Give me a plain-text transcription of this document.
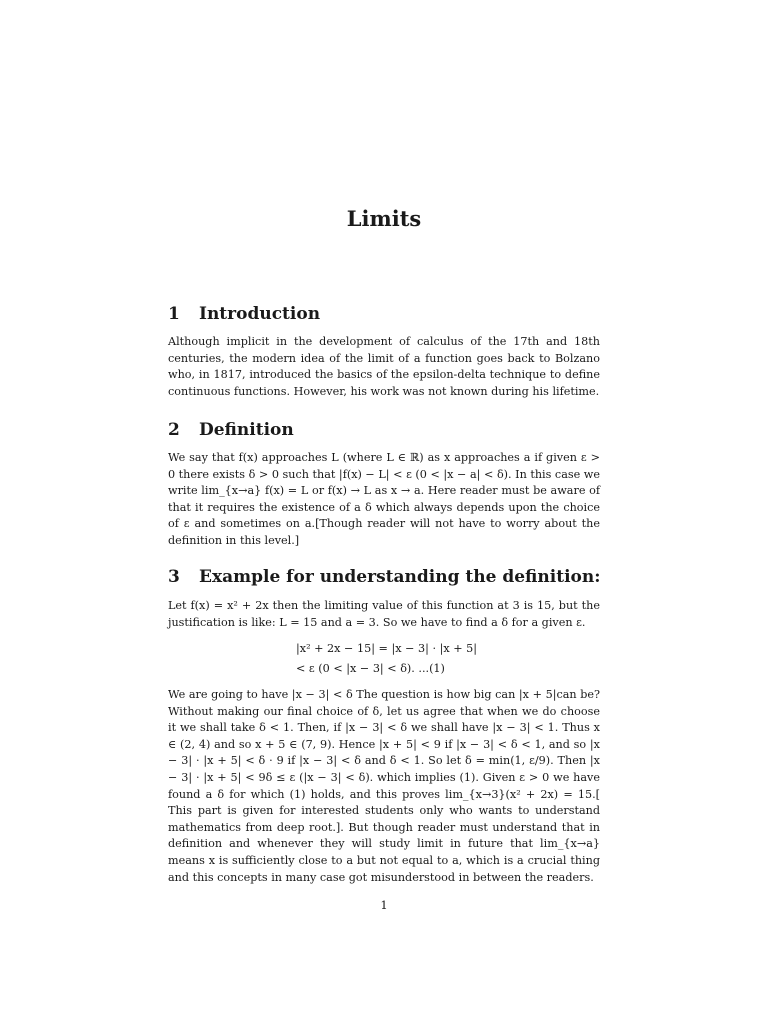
Limits
1 Introduction
Although implicit in the development of calculus of the 17th and 18th centuries, the modern idea of the limit of a function goes back to Bolzano who, in 1817, introduced the basics of the epsilon-delta technique to define continuous functions. However, his work was not known during his lifetime.
2 Definition
We say that f(x) approaches L (where L ∈ ℝ) as x approaches a if given ε > 0 there exists δ > 0 such that |f(x) − L| < ε (0 < |x − a| < δ). In this case we write lim_{x→a} f(x) = L or f(x) → L as x → a. Here reader must be aware of that it requires the existence of a δ which always depends upon the choice of ε and sometimes on a.[Though reader will not have to worry about the definition in this level.]
3 Example for understanding the definition:
Let f(x) = x² + 2x then the limiting value of this function at 3 is 15, but the justification is like: L = 15 and a = 3. So we have to find a δ for a given ε.
|x² + 2x − 15| = |x − 3| · |x + 5|
< ε (0 < |x − 3| < δ). ...(1)
We are going to have |x − 3| < δ The question is how big can |x + 5|can be? Without making our final choice of δ, let us agree that when we do choose it we shall take δ < 1. Then, if |x − 3| < δ we shall have |x − 3| < 1. Thus x ∈ (2, 4) and so x + 5 ∈ (7, 9). Hence |x + 5| < 9 if |x − 3| < δ < 1, and so |x − 3| · |x + 5| < δ · 9 if |x − 3| < δ and δ < 1. So let δ = min(1, ε/9). Then |x − 3| · |x + 5| < 9δ ≤ ε (|x − 3| < δ). which implies (1). Given ε > 0 we have found a δ for which (1) holds, and this proves lim_{x→3}(x² + 2x) = 15.[ This part is given for interested students only who wants to understand mathematics from deep root.]. But though reader must understand that in definition and whenever they will study limit in future that lim_{x→a} means x is sufficiently close to a but not equal to a, which is a crucial thing and this concepts in many case got misunderstood in between the readers.
1
